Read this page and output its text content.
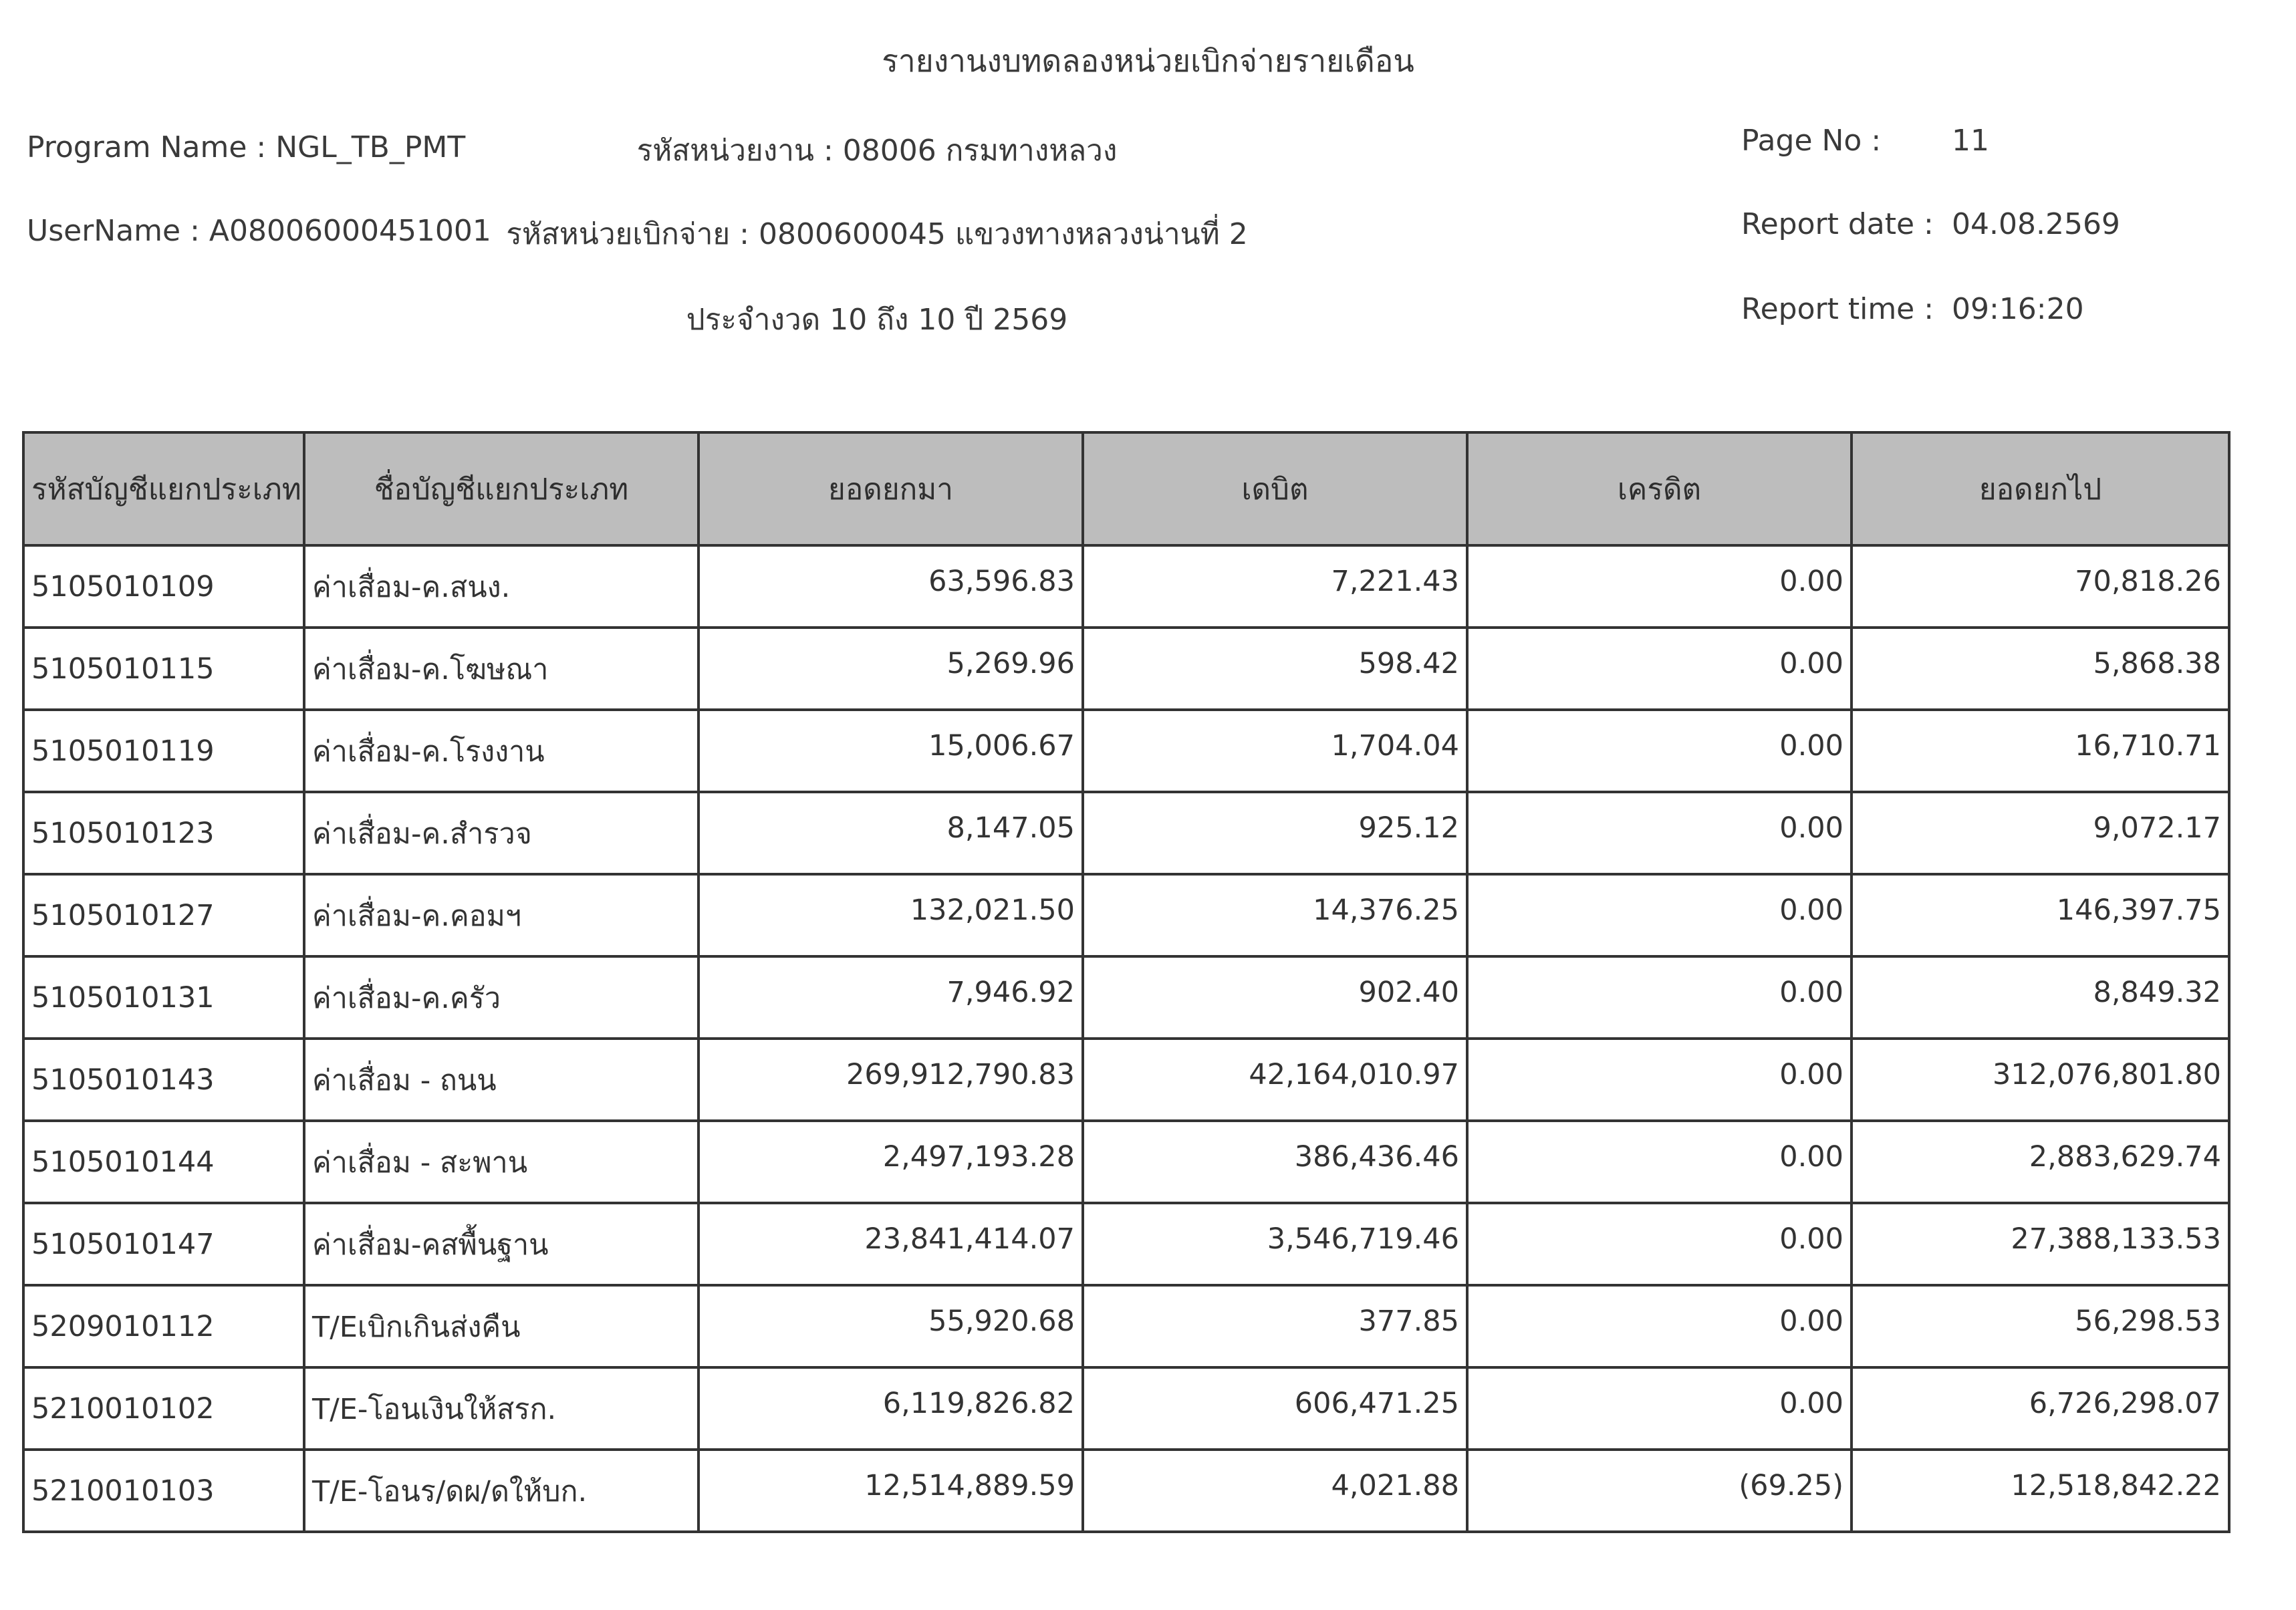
รายงานงบทดลองหน่วยเบิกจ่ายรายเดือน
Program Name : NGL_TB_PMT
UserName : A08006000451001
รหัสหน่วยงาน : 08006 กรมทางหลวง
รหัสหน่วยเบิกจ่าย : 0800600045 แขวงทางหลวงน่านที่ 2
ประจำงวด 10 ถึง 10 ปี 2569
Page No : 11
Report date : 04.08.2569
Report time : 09:16:20
รหัสบัญชีแยกประเภท	ชื่อบัญชีแยกประเภท	ยอดยกมา	เดบิต	เครดิต	ยอดยกไป
5105010109	ค่าเสื่อม-ค.สนง.	63,596.83	7,221.43	0.00	70,818.26
5105010115	ค่าเสื่อม-ค.โฆษณา	5,269.96	598.42	0.00	5,868.38
5105010119	ค่าเสื่อม-ค.โรงงาน	15,006.67	1,704.04	0.00	16,710.71
5105010123	ค่าเสื่อม-ค.สำรวจ	8,147.05	925.12	0.00	9,072.17
5105010127	ค่าเสื่อม-ค.คอมฯ	132,021.50	14,376.25	0.00	146,397.75
5105010131	ค่าเสื่อม-ค.ครัว	7,946.92	902.40	0.00	8,849.32
5105010143	ค่าเสื่อม - ถนน	269,912,790.83	42,164,010.97	0.00	312,076,801.80
5105010144	ค่าเสื่อม - สะพาน	2,497,193.28	386,436.46	0.00	2,883,629.74
5105010147	ค่าเสื่อม-คสพื้นฐาน	23,841,414.07	3,546,719.46	0.00	27,388,133.53
5209010112	T/Eเบิกเกินส่งคืน	55,920.68	377.85	0.00	56,298.53
5210010102	T/E-โอนเงินให้สรก.	6,119,826.82	606,471.25	0.00	6,726,298.07
5210010103	T/E-โอนร/ดผ/ดให้บก.	12,514,889.59	4,021.88	(69.25)	12,518,842.22
